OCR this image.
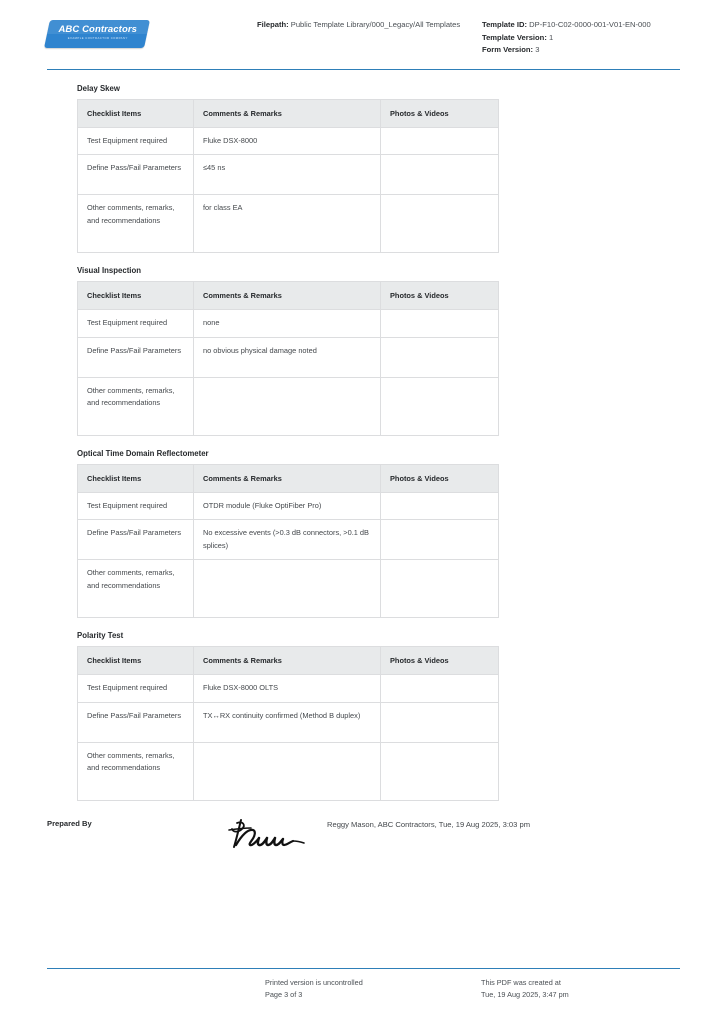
ABC Contractors
EXAMPLE CONTRACTOR COMPANY

Filepath: Public Template Library/000_Legacy/All Templates	Template ID: DP-F10-C02-0000-001-V01-EN-000

Template Version: 1

Form Version: 3

Delay Skew
Checklist Items	Comments & Remarks	Photos & Videos
Test Equipment required	Fluke DSX-8000	
Define Pass/Fail Parameters	≤45 ns	
Other comments, remarks, and recommendations	for class EA	
Visual Inspection
Checklist Items	Comments & Remarks	Photos & Videos
Test Equipment required	none	
Define Pass/Fail Parameters	no obvious physical damage noted	
Other comments, remarks, and recommendations		
Optical Time Domain Reflectometer
Checklist Items	Comments & Remarks	Photos & Videos
Test Equipment required	OTDR module (Fluke OptiFiber Pro)	
Define Pass/Fail Parameters	No excessive events (>0.3 dB connectors, >0.1 dB splices)	
Other comments, remarks, and recommendations		
Polarity Test
Checklist Items	Comments & Remarks	Photos & Videos
Test Equipment required	Fluke DSX-8000 OLTS	
Define Pass/Fail Parameters	TX↔RX continuity confirmed (Method B duplex)	
Other comments, remarks, and recommendations		
Prepared By	Reggy Mason, ABC Contractors, Tue, 19 Aug 2025, 3:03 pm

Printed version is uncontrolled

Page 3 of 3

This PDF was created at

Tue, 19 Aug 2025, 3:47 pm
